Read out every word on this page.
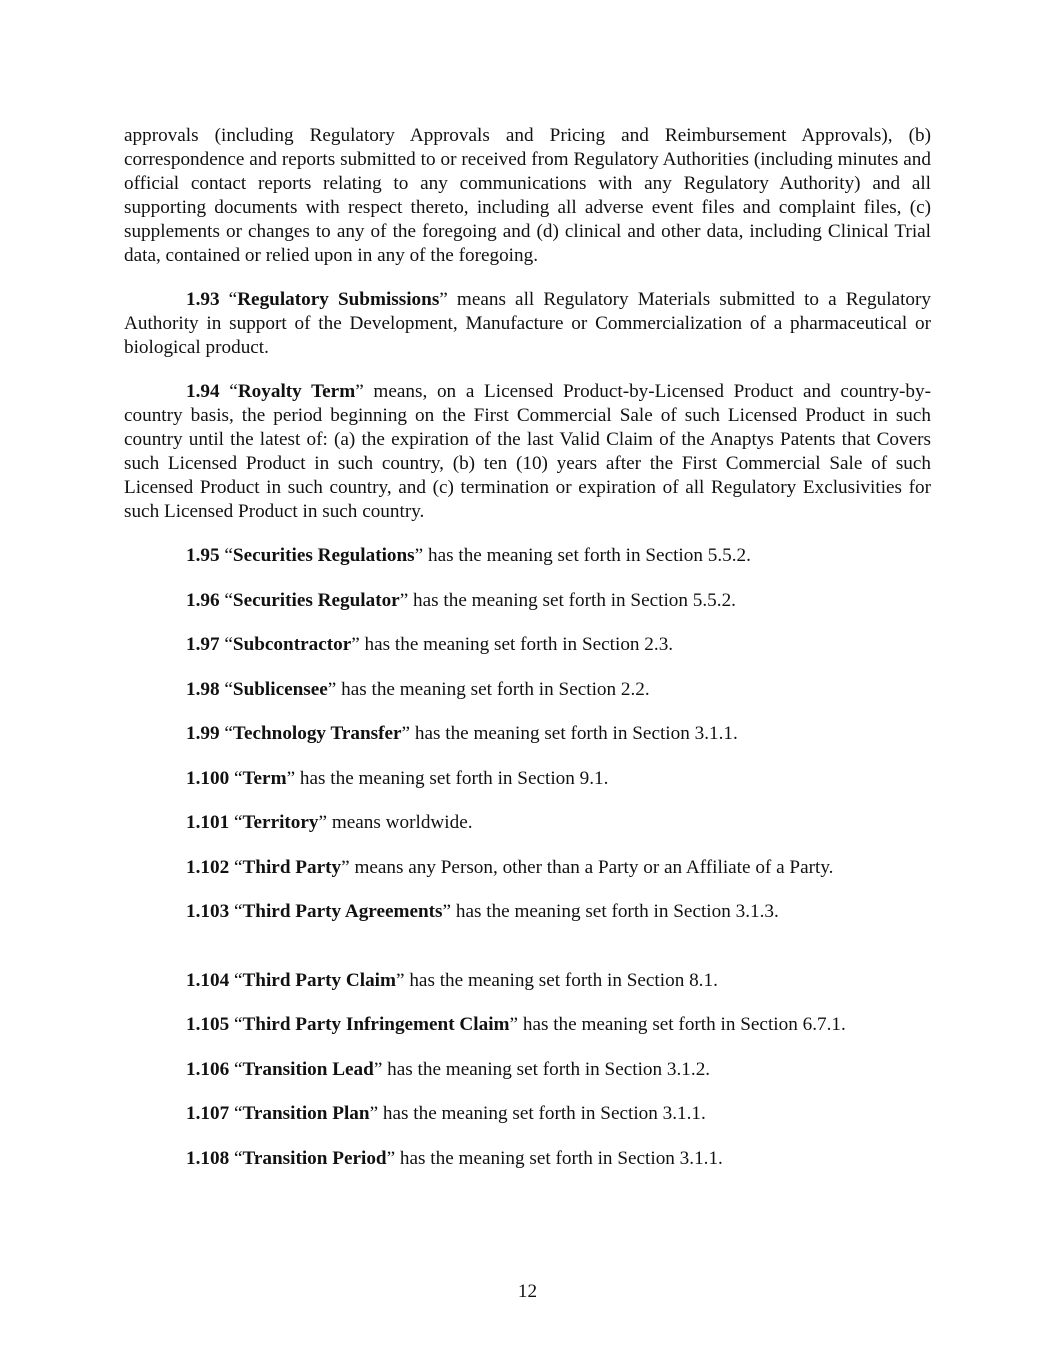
approvals (including Regulatory Approvals and Pricing and Reimbursement Approvals), (b) correspondence and reports submitted to or received from Regulatory Authorities (including minutes and official contact reports relating to any communications with any Regulatory Authority) and all supporting documents with respect thereto, including all adverse event files and complaint files, (c) supplements or changes to any of the foregoing and (d) clinical and other data, including Clinical Trial data, contained or relied upon in any of the foregoing.

1.93 “Regulatory Submissions” means all Regulatory Materials submitted to a Regulatory Authority in support of the Development, Manufacture or Commercialization of a pharmaceutical or biological product.

1.94 “Royalty Term” means, on a Licensed Product-by-Licensed Product and country-by-country basis, the period beginning on the First Commercial Sale of such Licensed Product in such country until the latest of: (a) the expiration of the last Valid Claim of the Anaptys Patents that Covers such Licensed Product in such country, (b) ten (10) years after the First Commercial Sale of such Licensed Product in such country, and (c) termination or expiration of all Regulatory Exclusivities for such Licensed Product in such country.

1.95 “Securities Regulations” has the meaning set forth in Section 5.5.2.

1.96 “Securities Regulator” has the meaning set forth in Section 5.5.2.

1.97 “Subcontractor” has the meaning set forth in Section 2.3.

1.98 “Sublicensee” has the meaning set forth in Section 2.2.

1.99 “Technology Transfer” has the meaning set forth in Section 3.1.1.

1.100 “Term” has the meaning set forth in Section 9.1.

1.101 “Territory” means worldwide.

1.102 “Third Party” means any Person, other than a Party or an Affiliate of a Party.

1.103 “Third Party Agreements” has the meaning set forth in Section 3.1.3.

1.104 “Third Party Claim” has the meaning set forth in Section 8.1.

1.105 “Third Party Infringement Claim” has the meaning set forth in Section 6.7.1.

1.106 “Transition Lead” has the meaning set forth in Section 3.1.2.

1.107 “Transition Plan” has the meaning set forth in Section 3.1.1.

1.108 “Transition Period” has the meaning set forth in Section 3.1.1.

12
